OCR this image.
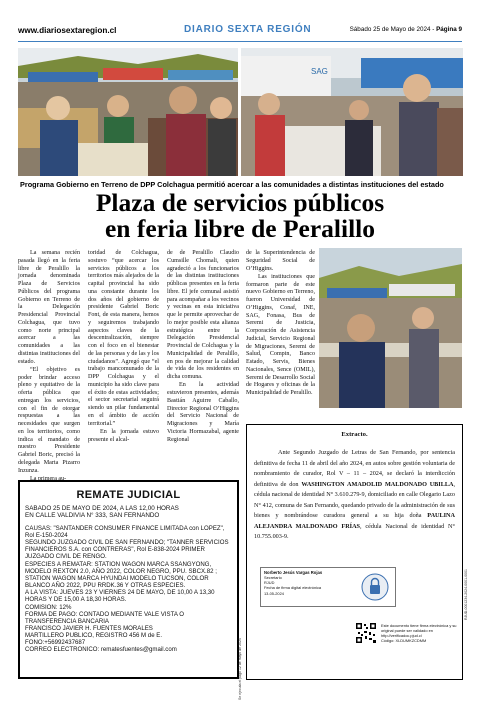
www.diariosextaregion.cl	DIARIO SEXTA REGIÓN	Sábado 25 de Mayo de 2024 - Página 9
SAG
Programa Gobierno en Terreno de DPP Colchagua permitió acercar a las comunidades a distintas instituciones del estado
Plaza de servicios públicos
en feria libre de Peralillo

La semana recién pasada llegó en la feria libre de Peralillo la jornada denominada Plaza de Servicios Públicos del programa Gobierno en Terreno de la Delegación Presidencial Provincial Colchagua, que tuvo como norte principal acercar a las comunidades a las distintas instituciones del estado.

“El objetivo es poder brindar acceso pleno y equitativo de la oferta pública que entregan los servicios, con el fin de otorgar respuestas a las necesidades que surgen en los territorios, como indica el mandato de nuestro Presidente Gabriel Boric, precisó la delegada Marta Pizarro Inzunza.

La primera au-

toridad de Colchagua, sostuvo “que acercar los servicios públicos a los territorios más alejados de la capital provincial ha sido una constante durante los dos años del gobierno de presidente Gabriel Boric Font, de esta manera, hemos y seguiremos trabajando aspectos claves de la descentralización, siempre con el foco en el bienestar de las personas y de las y los ciudadanos”. Agregó que “el trabajo mancomunado de la DPP Colchagua y el municipio ha sido clave para el éxito de estas actividades; el sector secretarial seguirá siendo un pilar fundamental en el ámbito de acción territorial.”

En la jornada estuvo presente el alcal-

de de Peralillo Claudio Cumsille Chomali, quien agradeció a los funcionarios de las distintas instituciones públicas presentes en la feria libre. El jefe comunal asistió para acompañar a los vecinos y vecinas en esta iniciativa que le permite aprovechar de lo mejor posible esta alianza estratégica entre la Delegación Presidencial Provincial de Colchagua y la Municipalidad de Peralillo, en pos de mejorar la calidad de vida de los residentes en dicha comuna.

En la actividad estuvieron presentes, además Bastián Aguirre Caballo, Director Regional O’Higgins del Servicio Nacional de Migraciones y María Victoria Hormazabal, agente Regional

de la Superintendencia de Seguridad Social de O’Higgins.

Las instituciones que formaron parte de este nuevo Gobierno en Terreno, fueron Universidad de O’Higgins, Conaf, INE, SAG, Fonasa, Bus de Seremi de Justicia, Corporación de Asistencia Judicial, Servicio Regional de Migraciones, Seremi de Salud, Compin, Banco Estado, Servis, Bienes Nacionales, Sence (OMIL), Seremi de Desarrollo Social de Hogares y oficinas de la Municipalidad de Peralillo.

REMATE JUDICIAL
SABADO 25 DE MAYO DE 2024, A LAS 12,00 HORAS
EN CALLE VALDIVIA N° 333, SAN FERNANDO
CAUSAS: "SANTANDER CONSUMER FINANCE LIMITADA con LOPEZ", Rol E-150-2024
SEGUNDO JUZGADO CIVIL DE SAN FERNANDO; "TANNER SERVICIOS FINANCIEROS S.A. con CONTRERAS", Rol E-838-2024 PRIMER JUZGADO CIVIL DE RENGO.
ESPECIES A REMATAR: STATION WAGON MARCA SSANGYONG, MODELO REXTON 2.0, AÑO 2022, COLOR NEGRO, PPU. SBCX.82 ; STATION WAGON MARCA HYUNDAI MODELO TUCSON, COLOR BLANCO AÑO 2022, PPU RRDK.36 Y OTRAS ESPECIES.
A LA VISTA: JUEVES 23 Y VIERNES 24 DE MAYO, DE 10,00 A 13,30 HORAS Y DE 15,00 A 18,30 HORAS.
COMISION: 12%
FORMA DE PAGO: CONTADO MEDIANTE VALE VISTA O TRANSFERENCIA BANCARIA
FRANCISCO JAVIER H. FUENTES MORALES
MARTILLERO PUBLICO, REGISTRO 456 M de E.
FONO:+56992437687
CORREO ELECTRONICO: rematesfuentes@gmail.com
Extracto.
Ante Segundo Juzgado de Letras de San Fernando, por sentencia definitiva de fecha 11 de abril del año 2024, en autos sobre gestión voluntaria de nombramiento de curador, Rol V – 11 – 2024, se declaró la interdicción definitiva de don WASHINGTON AMADOLID MALDONADO UBILLA, cédula nacional de identidad N° 3.610.279-9, domiciliado en calle Olegario Lazo N° 412, comuna de San Fernando, quedando privado de la administración de sus bienes y nombrándose curadora general a su hija doña PAULINA ALEJANDRA MALDONADO FRÍAS, cédula Nacional de identidad N° 10.755.003-9.
Norberto Jesús Vargas Rojas
Secretario
RJUD
Fecha de firma digital electrónica
13-05-2024
Este documento tiene firma electrónica y su original puede ser validado en http://verificadoc.pjud.cl
Código: XLDUMKZCDMM
Se ejecuta el pago 12 de mayo de 2024
RJUD-0001234-2024-0001-0001
